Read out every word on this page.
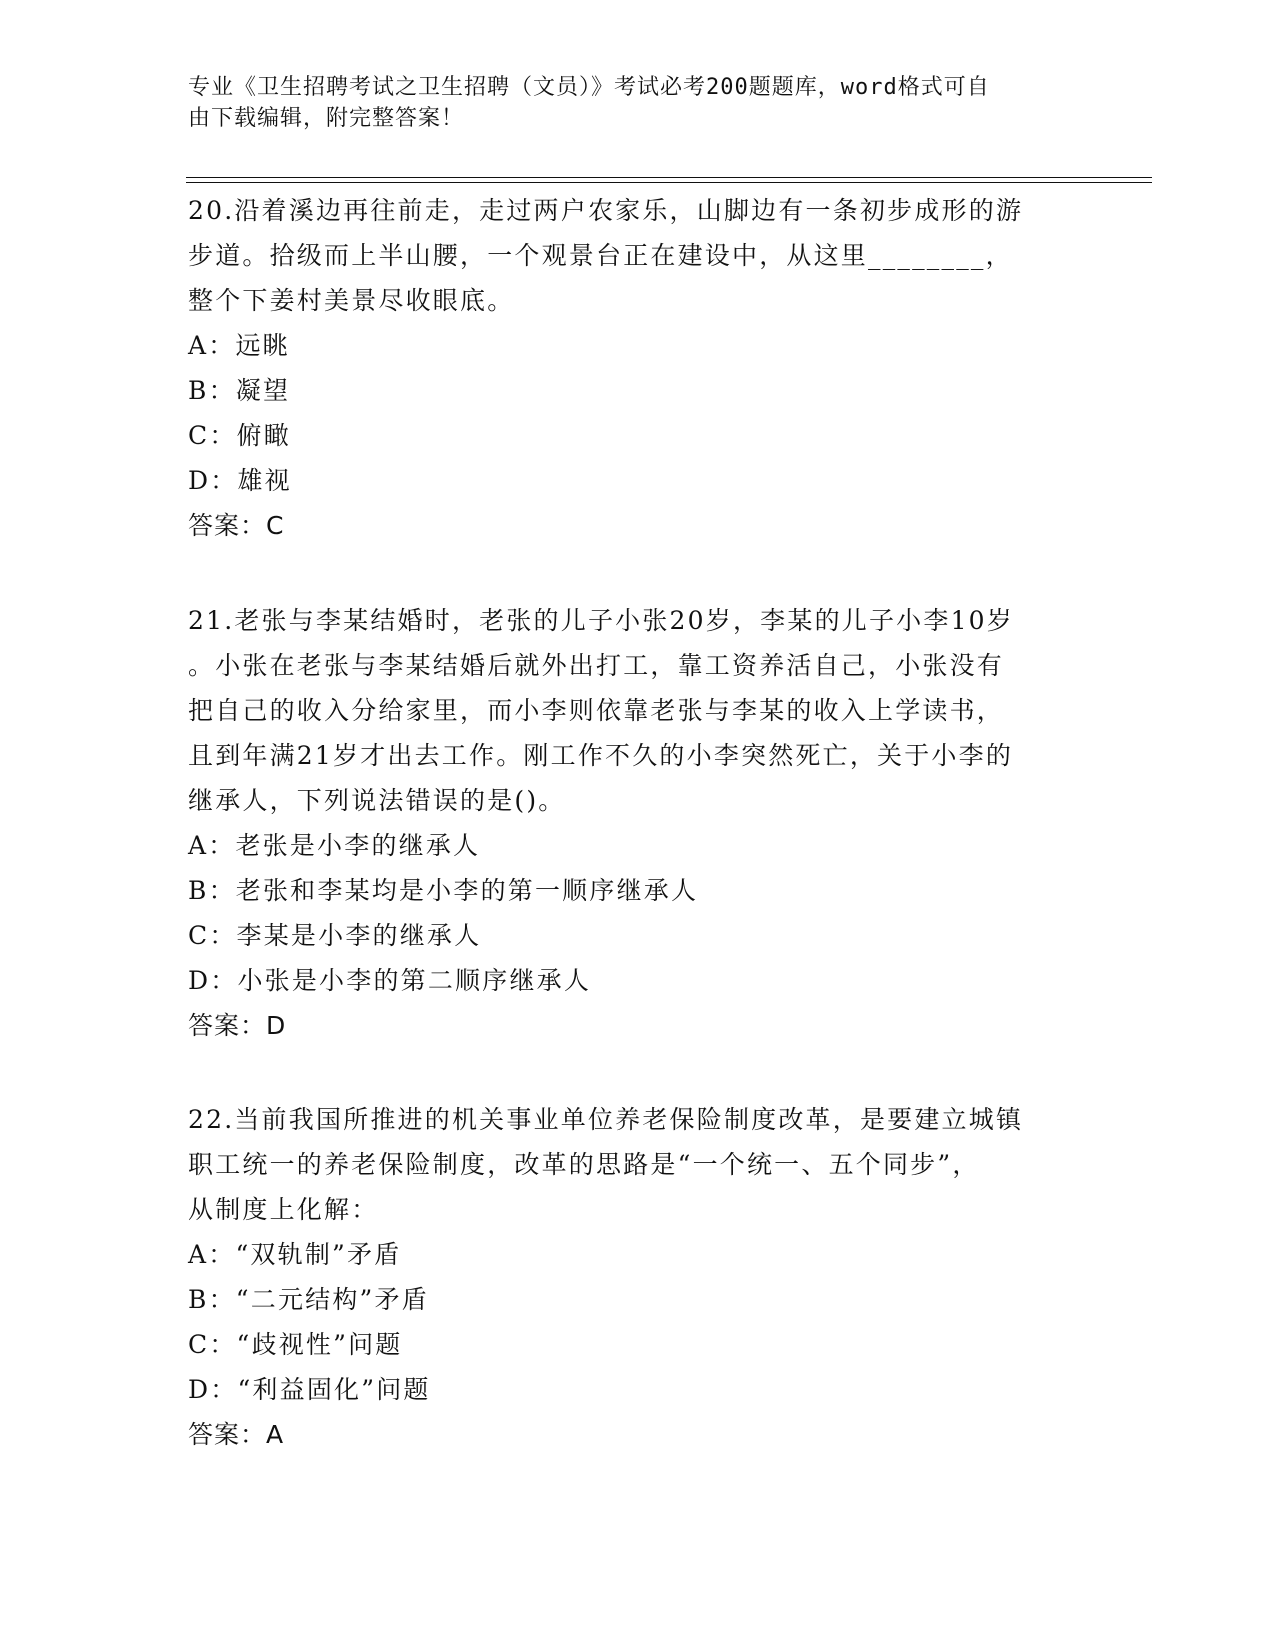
专业《卫生招聘考试之卫生招聘（文员）》考试必考200题题库，word格式可自
由下载编辑，附完整答案！

20.沿着溪边再往前走，走过两户农家乐，山脚边有一条初步成形的游

步道。拾级而上半山腰，一个观景台正在建设中，从这里________，

整个下姜村美景尽收眼底。

A：远眺

B：凝望

C：俯瞰

D：雄视

答案：C

21.老张与李某结婚时，老张的儿子小张20岁，李某的儿子小李10岁

。小张在老张与李某结婚后就外出打工，靠工资养活自己，小张没有

把自己的收入分给家里，而小李则依靠老张与李某的收入上学读书，

且到年满21岁才出去工作。刚工作不久的小李突然死亡，关于小李的

继承人，下列说法错误的是()。

A：老张是小李的继承人

B：老张和李某均是小李的第一顺序继承人

C：李某是小李的继承人

D：小张是小李的第二顺序继承人

答案：D

22.当前我国所推进的机关事业单位养老保险制度改革，是要建立城镇

职工统一的养老保险制度，改革的思路是“一个统一、五个同步”，

从制度上化解：

A：“双轨制”矛盾

B：“二元结构”矛盾

C：“歧视性”问题

D：“利益固化”问题

答案：A
